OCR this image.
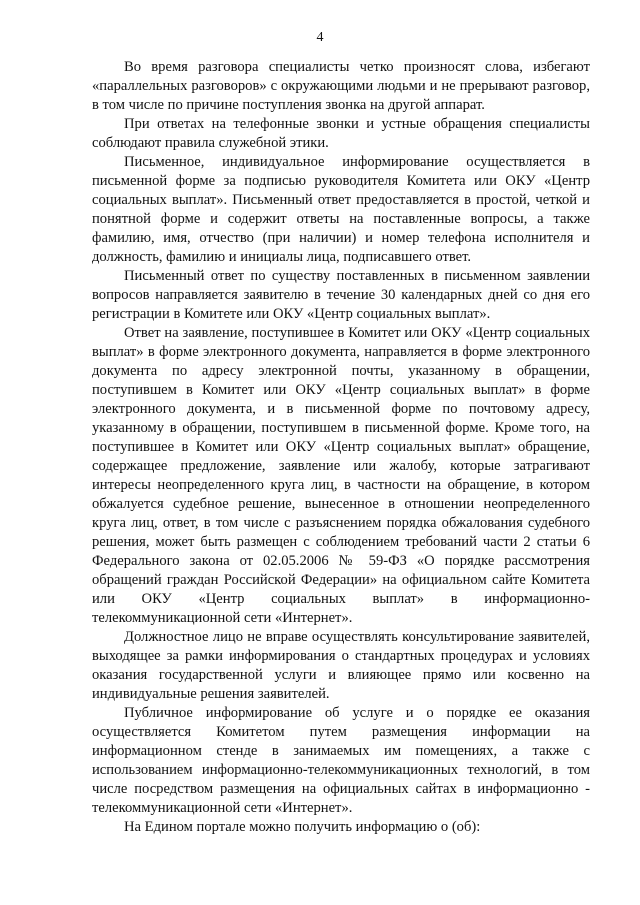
4

Во время разговора специалисты четко произносят слова, избегают «параллельных разговоров» с окружающими людьми и не прерывают разговор, в том числе по причине поступления звонка на другой аппарат.

При ответах на телефонные звонки и устные обращения специалисты соблюдают правила служебной этики.

Письменное, индивидуальное информирование осуществляется в письменной форме за подписью руководителя Комитета или ОКУ «Центр социальных выплат». Письменный ответ предоставляется в простой, четкой и понятной форме и содержит ответы на поставленные вопросы, а также фамилию, имя, отчество (при наличии) и номер телефона исполнителя и должность, фамилию и инициалы лица, подписавшего ответ.

Письменный ответ по существу поставленных в письменном заявлении вопросов направляется заявителю в течение 30 календарных дней со дня его регистрации в Комитете или ОКУ «Центр социальных выплат».

Ответ на заявление, поступившее в Комитет или ОКУ «Центр социальных выплат» в форме электронного документа, направляется в форме электронного документа по адресу электронной почты, указанному в обращении, поступившем в Комитет или ОКУ «Центр социальных выплат» в форме электронного документа, и в письменной форме по почтовому адресу, указанному в обращении, поступившем в письменной форме. Кроме того, на поступившее в Комитет или ОКУ «Центр социальных выплат» обращение, содержащее предложение, заявление или жалобу, которые затрагивают интересы неопределенного круга лиц, в частности на обращение, в котором обжалуется судебное решение, вынесенное в отношении неопределенного круга лиц, ответ, в том числе с разъяснением порядка обжалования судебного решения, может быть размещен с соблюдением требований части 2 статьи 6 Федерального закона от 02.05.2006 № 59-ФЗ «О порядке рассмотрения обращений граждан Российской Федерации» на официальном сайте Комитета или ОКУ «Центр социальных выплат» в информационно-телекоммуникационной сети «Интернет».

Должностное лицо не вправе осуществлять консультирование заявителей, выходящее за рамки информирования о стандартных процедурах и условиях оказания государственной услуги и влияющее прямо или косвенно на индивидуальные решения заявителей.

Публичное информирование об услуге и о порядке ее оказания осуществляется Комитетом путем размещения информации на информационном стенде в занимаемых им помещениях, а также с использованием информационно-телекоммуникационных технологий, в том числе посредством размещения на официальных сайтах в информационно - телекоммуникационной сети «Интернет».

На Едином портале можно получить информацию о (об):
